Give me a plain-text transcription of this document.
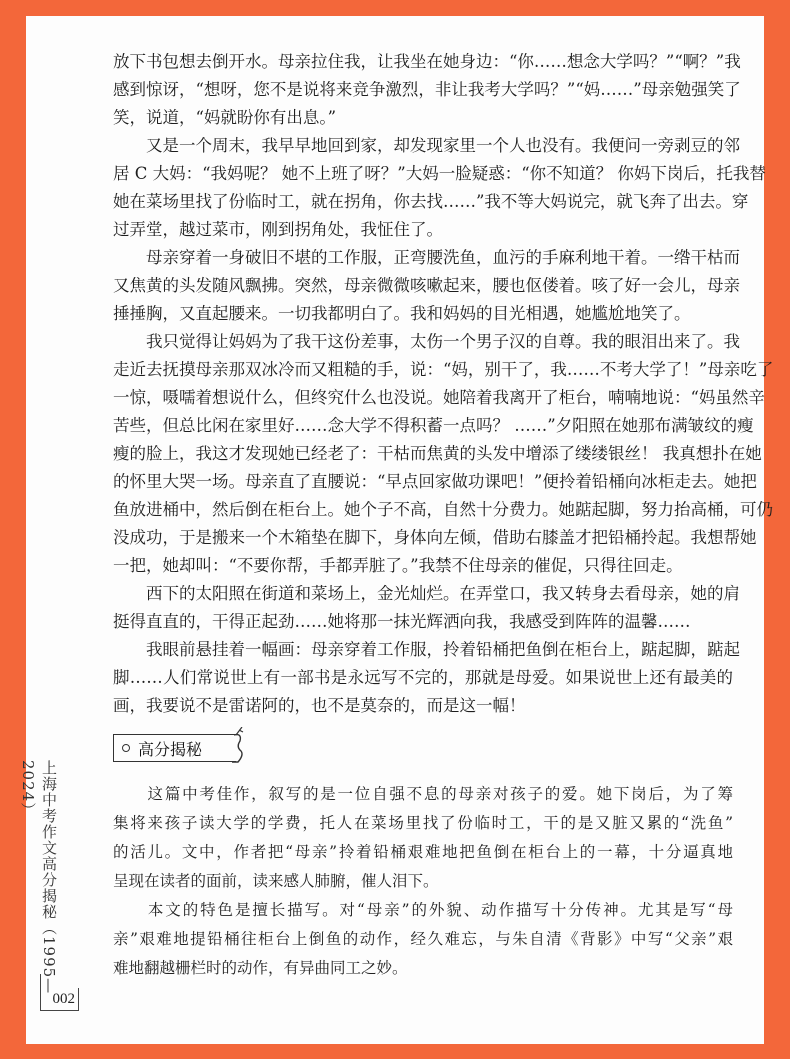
放下书包想去倒开水。母亲拉住我，让我坐在她身边：“你……想念大学吗？”“啊？”我
感到惊讶，“想呀，您不是说将来竞争激烈，非让我考大学吗？”“妈……”母亲勉强笑了
笑，说道，“妈就盼你有出息。”
　　又是一个周末，我早早地回到家，却发现家里一个人也没有。我便问一旁剥豆的邻
居 C 大妈：“我妈呢？ 她不上班了呀？”大妈一脸疑惑：“你不知道？ 你妈下岗后，托我替
她在菜场里找了份临时工，就在拐角，你去找……”我不等大妈说完，就飞奔了出去。穿
过弄堂，越过菜市，刚到拐角处，我怔住了。
　　母亲穿着一身破旧不堪的工作服，正弯腰洗鱼，血污的手麻利地干着。一绺干枯而
又焦黄的头发随风飘拂。突然，母亲微微咳嗽起来，腰也伛偻着。咳了好一会儿，母亲
捶捶胸，又直起腰来。一切我都明白了。我和妈妈的目光相遇，她尴尬地笑了。
　　我只觉得让妈妈为了我干这份差事，太伤一个男子汉的自尊。我的眼泪出来了。我
走近去抚摸母亲那双冰冷而又粗糙的手，说：“妈，别干了，我……不考大学了！”母亲吃了
一惊，嗫嚅着想说什么，但终究什么也没说。她陪着我离开了柜台，喃喃地说：“妈虽然辛
苦些，但总比闲在家里好……念大学不得积蓄一点吗？ ……”夕阳照在她那布满皱纹的瘦
瘦的脸上，我这才发现她已经老了：干枯而焦黄的头发中增添了缕缕银丝！ 我真想扑在她
的怀里大哭一场。母亲直了直腰说：“早点回家做功课吧！”便拎着铅桶向冰柜走去。她把
鱼放进桶中，然后倒在柜台上。她个子不高，自然十分费力。她踮起脚，努力抬高桶，可仍
没成功，于是搬来一个木箱垫在脚下，身体向左倾，借助右膝盖才把铅桶拎起。我想帮她
一把，她却叫：“不要你帮，手都弄脏了。”我禁不住母亲的催促，只得往回走。
　　西下的太阳照在街道和菜场上，金光灿烂。在弄堂口，我又转身去看母亲，她的肩
挺得直直的，干得正起劲……她将那一抹光辉洒向我，我感受到阵阵的温馨……
　　我眼前悬挂着一幅画：母亲穿着工作服，拎着铅桶把鱼倒在柜台上，踮起脚，踮起
脚……人们常说世上有一部书是永远写不完的，那就是母爱。如果说世上还有最美的
画，我要说不是雷诺阿的，也不是莫奈的，而是这一幅！
高分揭秘
　　这篇中考佳作，叙写的是一位自强不息的母亲对孩子的爱。她下岗后，为了筹
集将来孩子读大学的学费，托人在菜场里找了份临时工，干的是又脏又累的“洗鱼”
的活儿。文中，作者把“母亲”拎着铅桶艰难地把鱼倒在柜台上的一幕，十分逼真地
呈现在读者的面前，读来感人肺腑，催人泪下。
　　本文的特色是擅长描写。对“母亲”的外貌、动作描写十分传神。尤其是写“母
亲”艰难地提铅桶往柜台上倒鱼的动作，经久难忘，与朱自清《背影》中写“父亲”艰
难地翻越栅栏时的动作，有异曲同工之妙。
上海中考作文高分揭秘（1995—2024）
002
